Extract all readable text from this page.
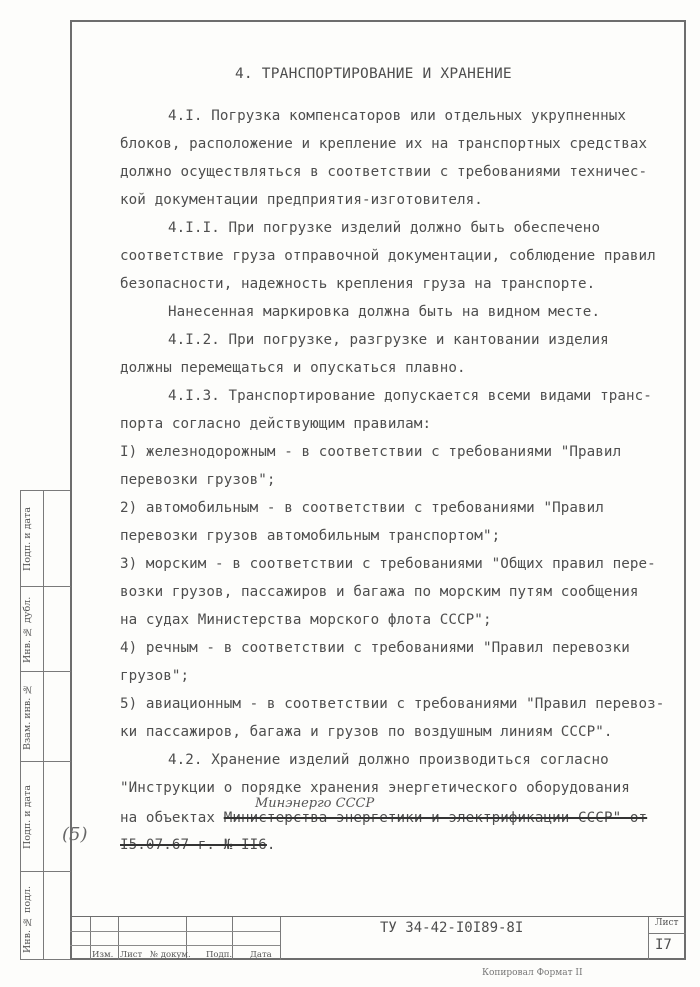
4. ТРАНСПОРТИРОВАНИЕ И ХРАНЕНИЕ
4.I. Погрузка компенсаторов или отдельных укрупненных
блоков, расположение и крепление их на транспортных средствах
должно осуществляться в соответствии с требованиями техничес-
кой документации предприятия-изготовителя.
4.I.I. При погрузке изделий должно быть обеспечено
соответствие груза отправочной документации, соблюдение правил
безопасности, надежность крепления груза на транспорте.
Нанесенная маркировка должна быть на видном месте.
4.I.2. При погрузке, разгрузке и кантовании изделия
должны перемещаться и опускаться плавно.
4.I.3. Транспортирование допускается всеми видами транс-
порта согласно действующим правилам:
I) железнодорожным - в соответствии с требованиями "Правил
перевозки грузов";
2) автомобильным - в соответствии с требованиями "Правил
перевозки грузов автомобильным транспортом";
3) морским - в соответствии с требованиями "Общих правил пере-
возки грузов, пассажиров и багажа по морским путям сообщения
на судах Министерства морского флота СССР";
4) речным - в соответствии с требованиями "Правил перевозки
грузов";
5) авиационным - в соответствии с требованиями "Правил перевоз-
ки пассажиров, багажа и грузов по воздушным линиям СССР".
4.2. Хранение изделий должно производиться согласно
"Инструкции о порядке хранения энергетического оборудования
на объектах Министерства энергетики и электрификации СССР" от
I5.07.67 г. № II6.
Минэнерго СССР
(5)
Подп. и дата
Инв. № дубл.
Взам. инв. №
Подп. и дата
Инв. № подл.
Изм. Лист № докум. Подп. Дата
ТУ 34-42-I0I89-8I	Лист
I7
Копировал Формат II
